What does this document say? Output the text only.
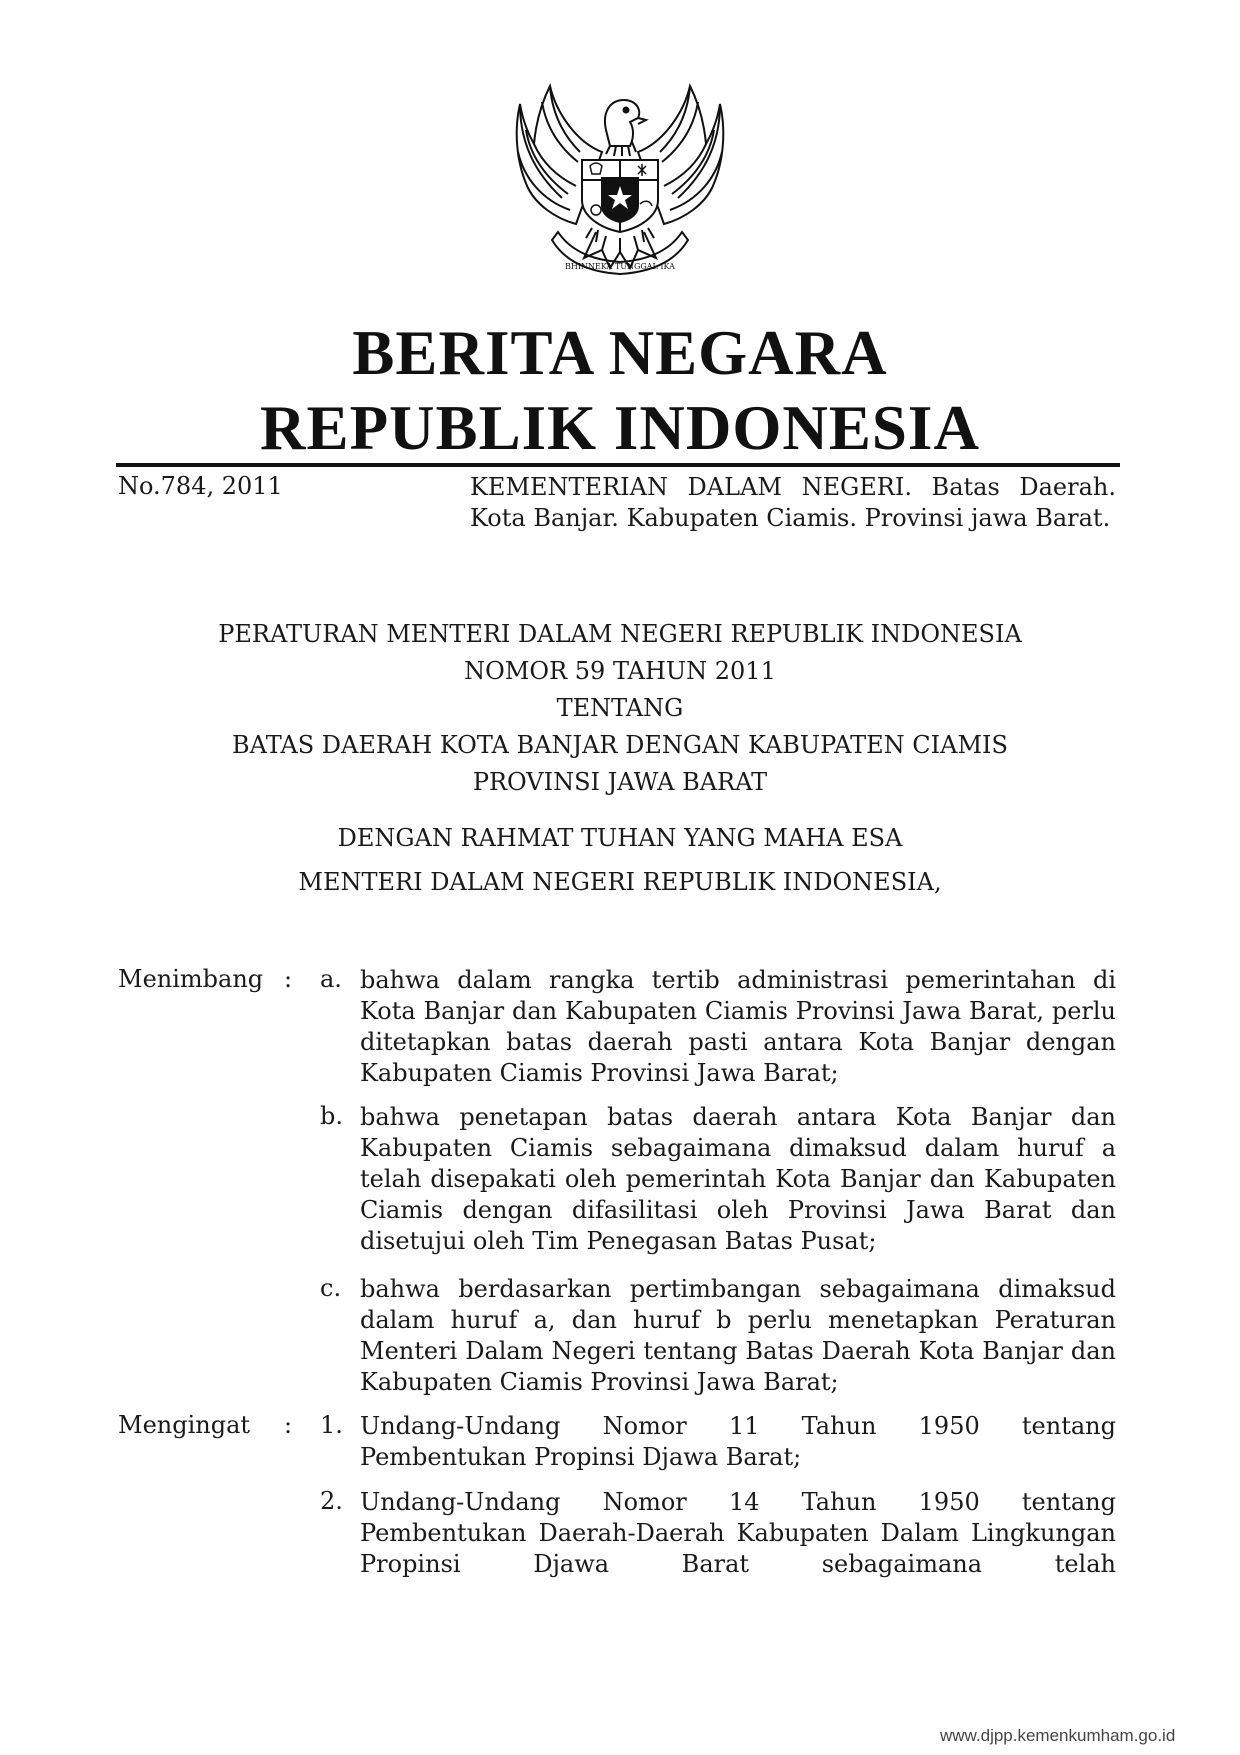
BHINNEKA TUNGGAL IKA
BERITA NEGARA
REPUBLIK INDONESIA
No.784, 2011	KEMENTERIAN DALAM NEGERI. Batas Daerah. Kota Banjar. Kabupaten Ciamis. Provinsi jawa Barat.
PERATURAN MENTERI DALAM NEGERI REPUBLIK INDONESIA
NOMOR 59 TAHUN 2011
TENTANG
BATAS DAERAH KOTA BANJAR DENGAN KABUPATEN CIAMIS
PROVINSI JAWA BARAT
DENGAN RAHMAT TUHAN YANG MAHA ESA
MENTERI DALAM NEGERI REPUBLIK INDONESIA,
Menimbang : a. bahwa dalam rangka tertib administrasi pemerintahan di Kota Banjar dan Kabupaten Ciamis Provinsi Jawa Barat, perlu ditetapkan batas daerah pasti antara Kota Banjar dengan Kabupaten Ciamis Provinsi Jawa Barat;
b. bahwa penetapan batas daerah antara Kota Banjar dan Kabupaten Ciamis sebagaimana dimaksud dalam huruf a telah disepakati oleh pemerintah Kota Banjar dan Kabupaten Ciamis dengan difasilitasi oleh Provinsi Jawa Barat dan disetujui oleh Tim Penegasan Batas Pusat;
c. bahwa berdasarkan pertimbangan sebagaimana dimaksud dalam huruf a, dan huruf b perlu menetapkan Peraturan Menteri Dalam Negeri tentang Batas Daerah Kota Banjar dan Kabupaten Ciamis Provinsi Jawa Barat;
Mengingat : 1. Undang-Undang Nomor 11 Tahun 1950 tentang Pembentukan Propinsi Djawa Barat;
2. Undang-Undang Nomor 14 Tahun 1950 tentang Pembentukan Daerah-Daerah Kabupaten Dalam Lingkungan Propinsi Djawa Barat sebagaimana telah
www.djpp.kemenkumham.go.id
